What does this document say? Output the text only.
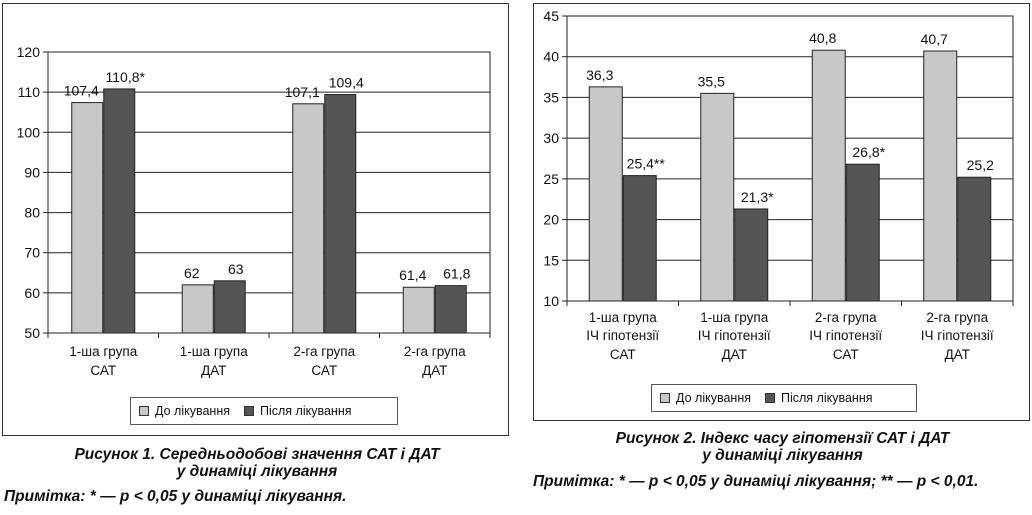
50
60
70
80
90
100
110
120
107,4
110,8*
1-ша група
САТ
62 63
1-ша група
ДАТ
107,1
109,4
2-га група
САТ
61,4 61,8
2-га група
ДАТ
До лікування Після лікування
10
15
20
25
30
35
40
45
36,3
25,4**
1-ша група
ІЧ гіпотензії
САТ
35,5
21,3*
1-ша група
ІЧ гіпотензії
ДАТ
40,8
26,8*
2-га група
ІЧ гіпотензії
САТ
40,7
25,2
2-га група
ІЧ гіпотензії
ДАТ
До лікування Після лікування
Рисунок 1. Середньодобові значення САТ і ДАТ
у динаміці лікування
Примітка: * — р < 0,05 у динаміці лікування.
Рисунок 2. Індекс часу гіпотензії САТ і ДАТ
у динаміці лікування
Примітка: * — р < 0,05 у динаміці лікування; ** — р < 0,01.
